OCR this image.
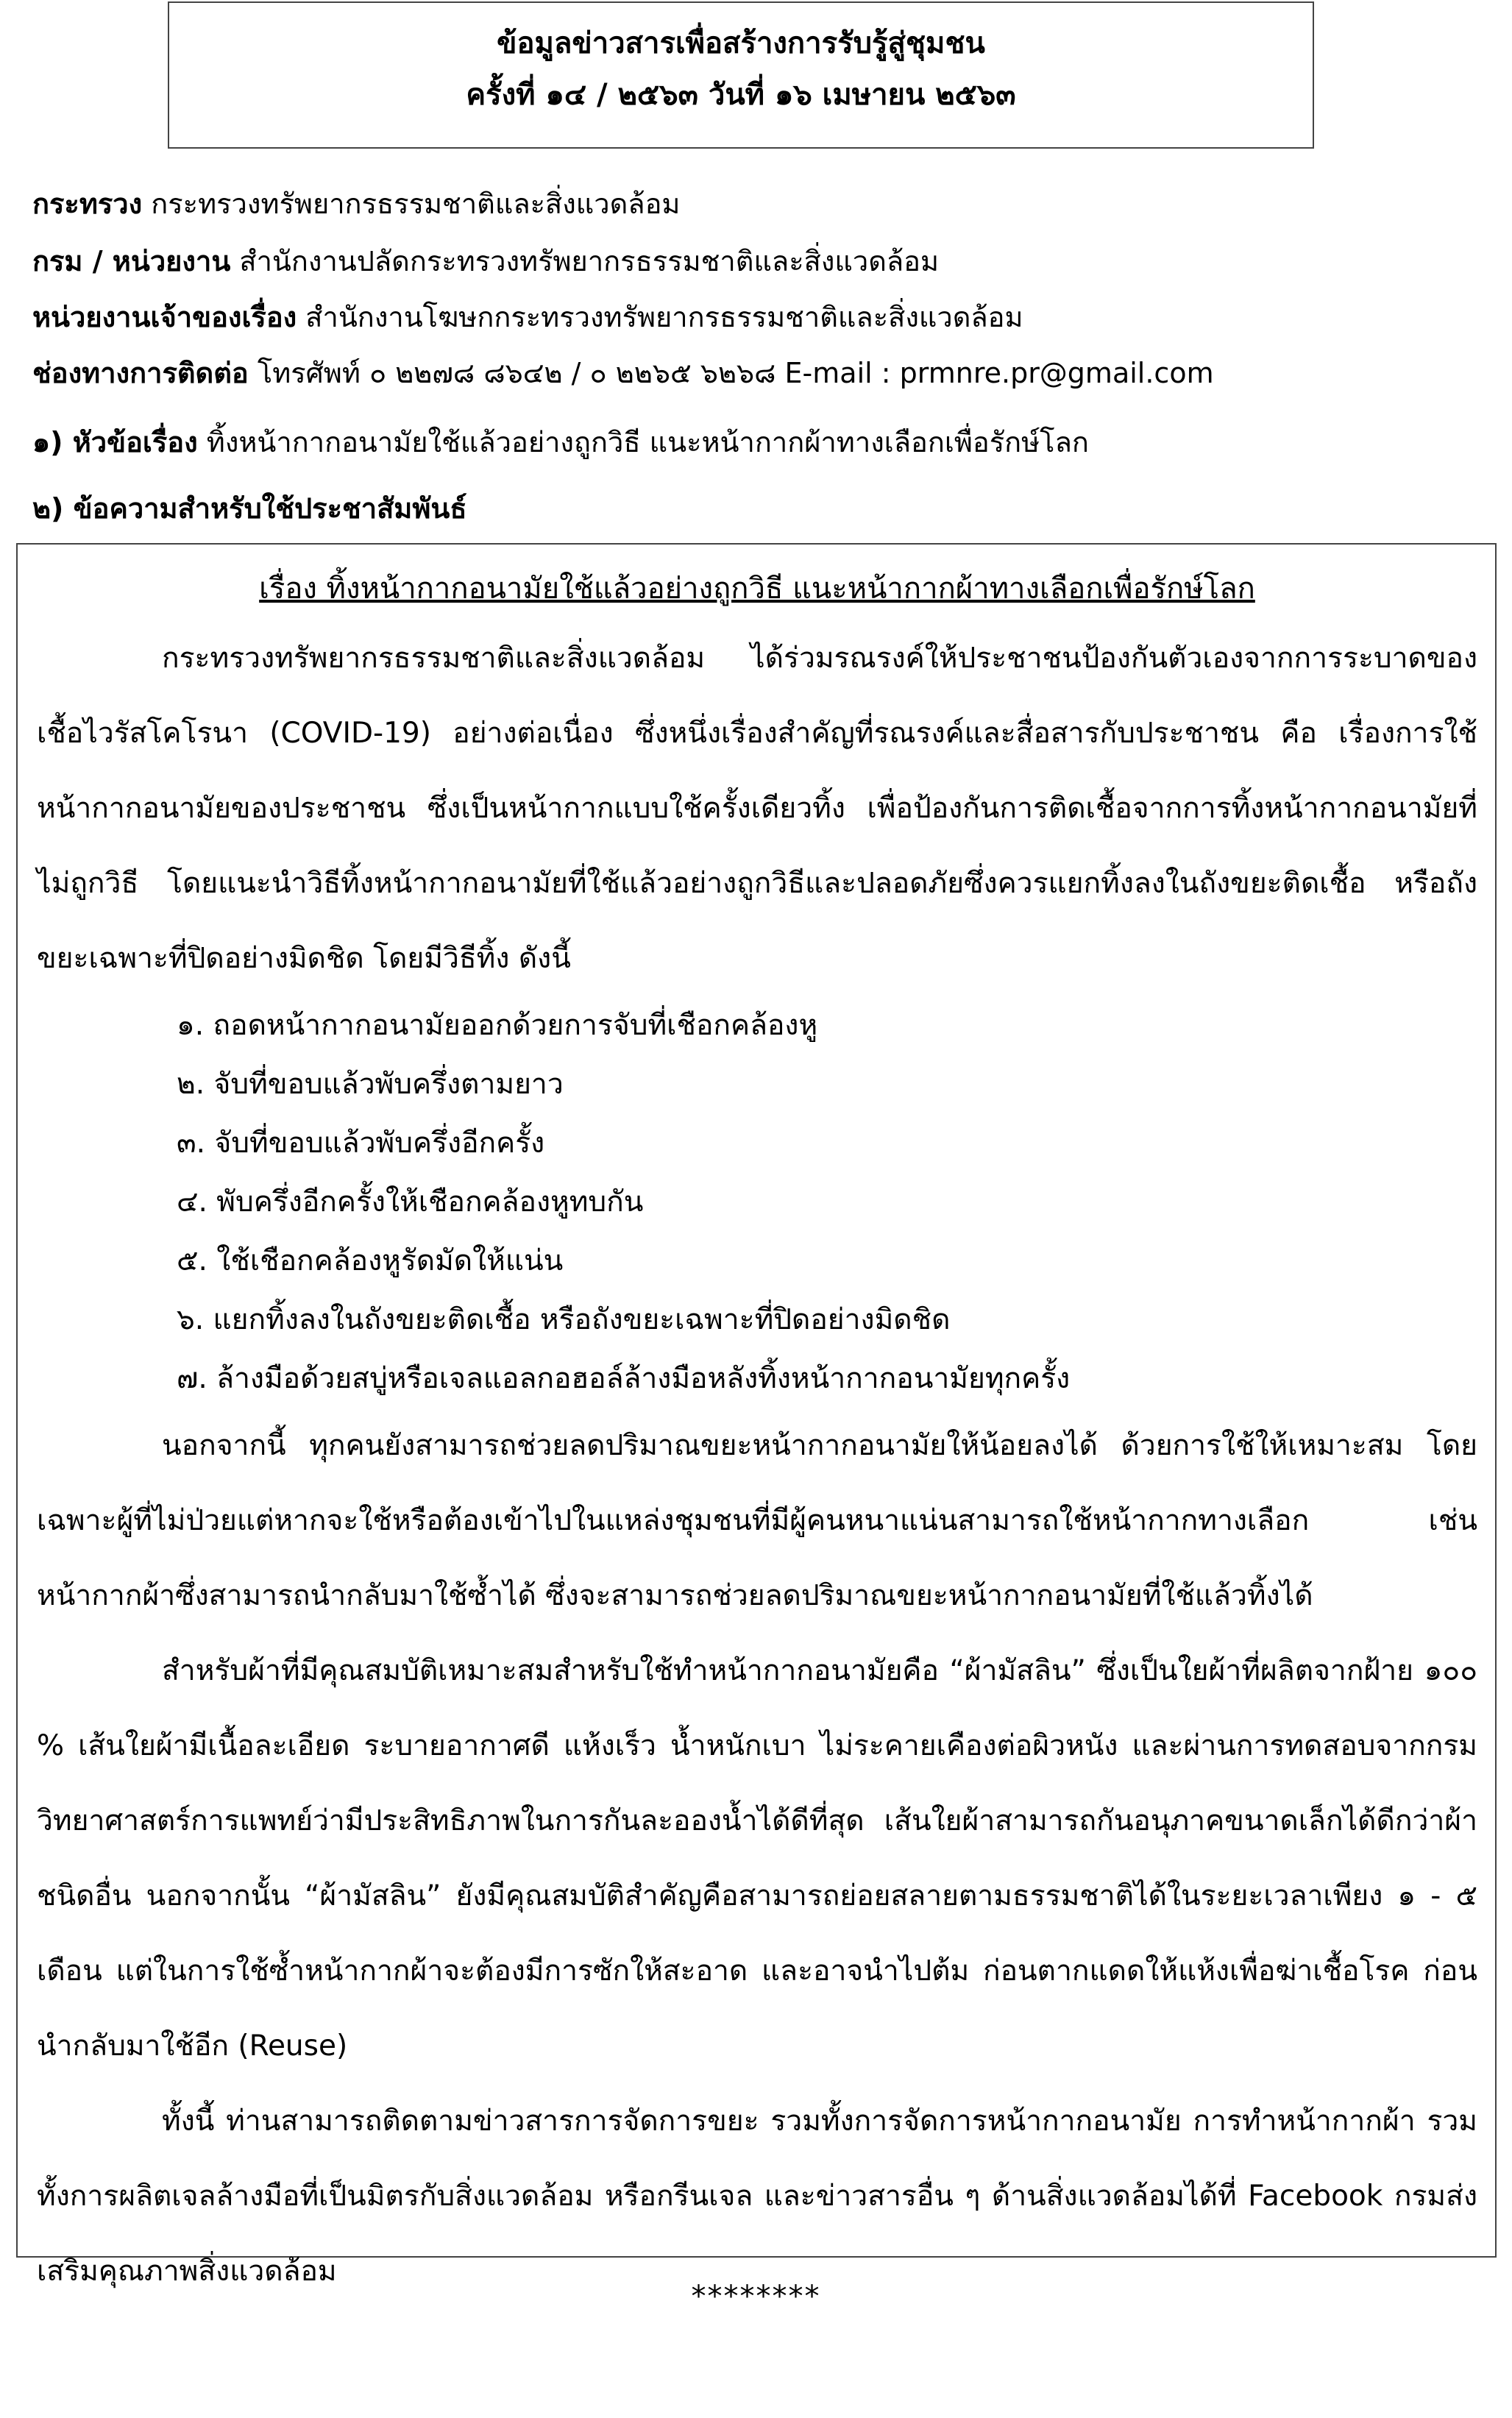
ข้อมูลข่าวสารเพื่อสร้างการรับรู้สู่ชุมชน
ครั้งที่ ๑๔ / ๒๕๖๓ วันที่ ๑๖ เมษายน ๒๕๖๓
กระทรวง กระทรวงทรัพยากรธรรมชาติและสิ่งแวดล้อม
กรม / หน่วยงาน สำนักงานปลัดกระทรวงทรัพยากรธรรมชาติและสิ่งแวดล้อม
หน่วยงานเจ้าของเรื่อง สำนักงานโฆษกกระทรวงทรัพยากรธรรมชาติและสิ่งแวดล้อม
ช่องทางการติดต่อ โทรศัพท์ ๐ ๒๒๗๘ ๘๖๔๒ / ๐ ๒๒๖๕ ๖๒๖๘ E-mail : prmnre.pr@gmail.com
๑) หัวข้อเรื่อง ทิ้งหน้ากากอนามัยใช้แล้วอย่างถูกวิธี แนะหน้ากากผ้าทางเลือกเพื่อรักษ์โลก
๒) ข้อความสำหรับใช้ประชาสัมพันธ์
เรื่อง ทิ้งหน้ากากอนามัยใช้แล้วอย่างถูกวิธี แนะหน้ากากผ้าทางเลือกเพื่อรักษ์โลก

กระทรวงทรัพยากรธรรมชาติและสิ่งแวดล้อม ได้ร่วมรณรงค์ให้ประชาชนป้องกันตัวเองจากการระบาดของเชื้อไวรัสโคโรนา (COVID-19) อย่างต่อเนื่อง ซึ่งหนึ่งเรื่องสำคัญที่รณรงค์และสื่อสารกับประชาชน คือ เรื่องการใช้หน้ากากอนามัยของประชาชน ซึ่งเป็นหน้ากากแบบใช้ครั้งเดียวทิ้ง เพื่อป้องกันการติดเชื้อจากการทิ้งหน้ากากอนามัยที่ไม่ถูกวิธี โดยแนะนำวิธีทิ้งหน้ากากอนามัยที่ใช้แล้วอย่างถูกวิธีและปลอดภัยซึ่งควรแยกทิ้งลงในถังขยะติดเชื้อ หรือถังขยะเฉพาะที่ปิดอย่างมิดชิด โดยมีวิธีทิ้ง ดังนี้

๑. ถอดหน้ากากอนามัยออกด้วยการจับที่เชือกคล้องหู

๒. จับที่ขอบแล้วพับครึ่งตามยาว

๓. จับที่ขอบแล้วพับครึ่งอีกครั้ง

๔. พับครึ่งอีกครั้งให้เชือกคล้องหูทบกัน

๕. ใช้เชือกคล้องหูรัดมัดให้แน่น

๖. แยกทิ้งลงในถังขยะติดเชื้อ หรือถังขยะเฉพาะที่ปิดอย่างมิดชิด

๗. ล้างมือด้วยสบู่หรือเจลแอลกอฮอล์ล้างมือหลังทิ้งหน้ากากอนามัยทุกครั้ง

นอกจากนี้ ทุกคนยังสามารถช่วยลดปริมาณขยะหน้ากากอนามัยให้น้อยลงได้ ด้วยการใช้ให้เหมาะสม โดยเฉพาะผู้ที่ไม่ป่วยแต่หากจะใช้หรือต้องเข้าไปในแหล่งชุมชนที่มีผู้คนหนาแน่นสามารถใช้หน้ากากทางเลือก เช่น หน้ากากผ้าซึ่งสามารถนำกลับมาใช้ซ้ำได้ ซึ่งจะสามารถช่วยลดปริมาณขยะหน้ากากอนามัยที่ใช้แล้วทิ้งได้

สำหรับผ้าที่มีคุณสมบัติเหมาะสมสำหรับใช้ทำหน้ากากอนามัยคือ “ผ้ามัสลิน” ซึ่งเป็นใยผ้าที่ผลิตจากฝ้าย ๑๐๐ % เส้นใยผ้ามีเนื้อละเอียด ระบายอากาศดี แห้งเร็ว น้ำหนักเบา ไม่ระคายเคืองต่อผิวหนัง และผ่านการทดสอบจากกรมวิทยาศาสตร์การแพทย์ว่ามีประสิทธิภาพในการกันละอองน้ำได้ดีที่สุด เส้นใยผ้าสามารถกันอนุภาคขนาดเล็กได้ดีกว่าผ้าชนิดอื่น นอกจากนั้น “ผ้ามัสลิน” ยังมีคุณสมบัติสำคัญคือสามารถย่อยสลายตามธรรมชาติได้ในระยะเวลาเพียง ๑ - ๕ เดือน แต่ในการใช้ซ้ำหน้ากากผ้าจะต้องมีการซักให้สะอาด และอาจนำไปต้ม ก่อนตากแดดให้แห้งเพื่อฆ่าเชื้อโรค ก่อนนำกลับมาใช้อีก (Reuse)

ทั้งนี้ ท่านสามารถติดตามข่าวสารการจัดการขยะ รวมทั้งการจัดการหน้ากากอนามัย การทำหน้ากากผ้า รวมทั้งการผลิตเจลล้างมือที่เป็นมิตรกับสิ่งแวดล้อม หรือกรีนเจล และข่าวสารอื่น ๆ ด้านสิ่งแวดล้อมได้ที่ Facebook กรมส่งเสริมคุณภาพสิ่งแวดล้อม

********
